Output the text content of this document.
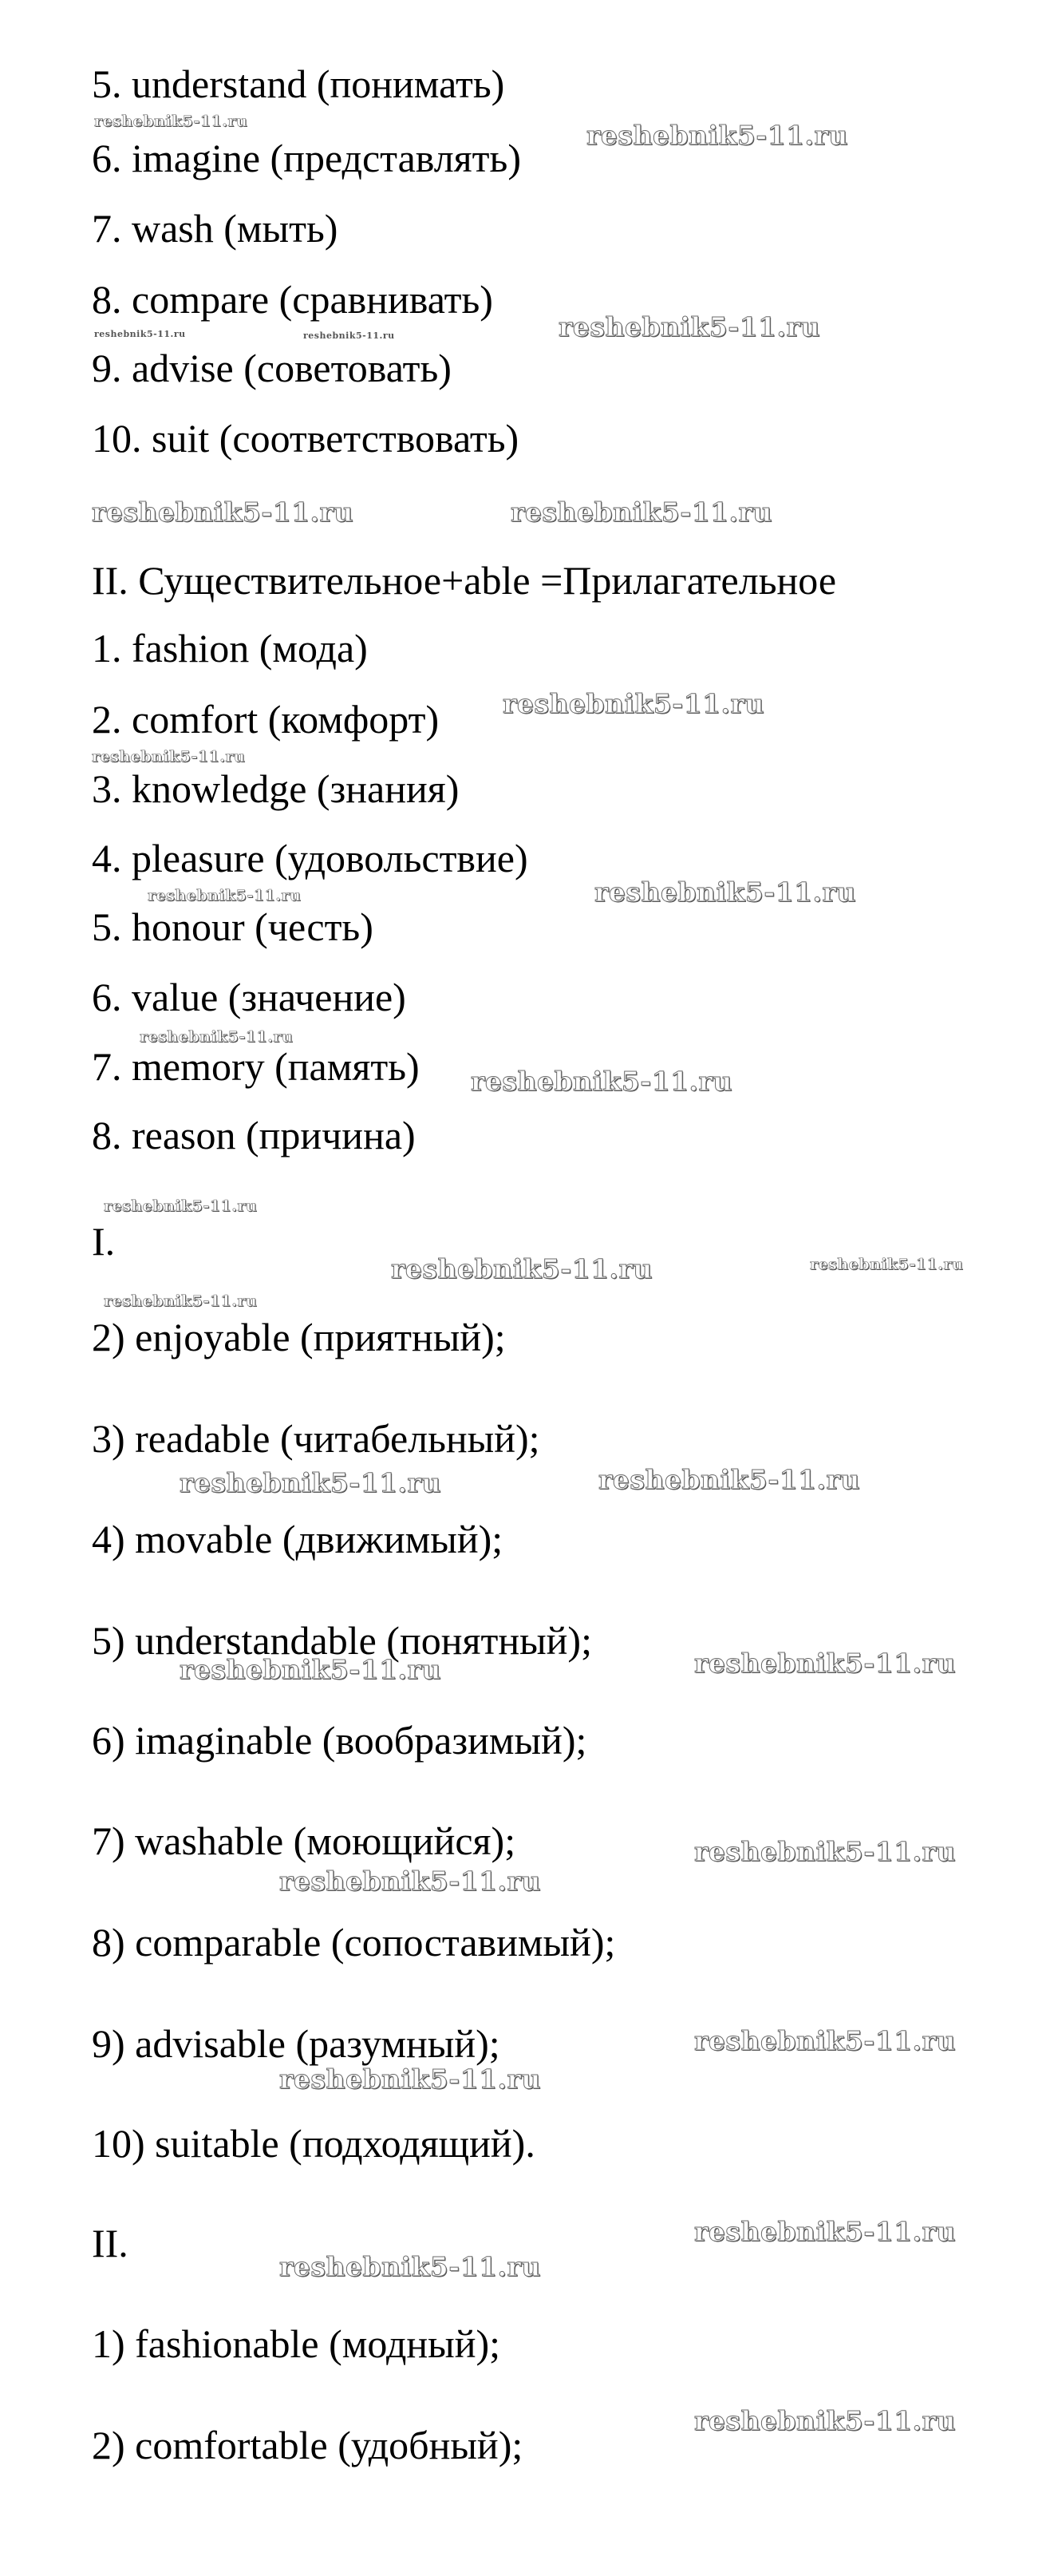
5. understand (понимать)

6. imagine (представлять)

7. wash (мыть)

8. compare (сравнивать)

9. advise (советовать)

10. suit (соответствовать)

II. Существительное+able =Прилагательное

1. fashion (мода)

2. comfort (комфорт)

3. knowledge (знания)

4. pleasure (удовольствие)

5. honour (честь)

6. value (значение)

7. memory (память)

8. reason (причина)

I.

2) enjoyable (приятный);

3) readable (читабельный);

4) movable (движимый);

5) understandable (понятный);

6) imaginable (вообразимый);

7) washable (моющийся);

8) comparable (сопоставимый);

9) advisable (разумный);

10) suitable (подходящий).

II.

1) fashionable (модный);

2) comfortable (удобный);

reshebnik5-11.ru	reshebnik5-11.ru
reshebnik5-11.ru	reshebnik5-11.ru	reshebnik5-11.ru
reshebnik5-11.ru	reshebnik5-11.ru
reshebnik5-11.ru
reshebnik5-11.ru
reshebnik5-11.ru	reshebnik5-11.ru
reshebnik5-11.ru
reshebnik5-11.ru
reshebnik5-11.ru
reshebnik5-11.ru	reshebnik5-11.ru
reshebnik5-11.ru
reshebnik5-11.ru	reshebnik5-11.ru
reshebnik5-11.ru	reshebnik5-11.ru
reshebnik5-11.ru
reshebnik5-11.ru
reshebnik5-11.ru
reshebnik5-11.ru
reshebnik5-11.ru
reshebnik5-11.ru
reshebnik5-11.ru
